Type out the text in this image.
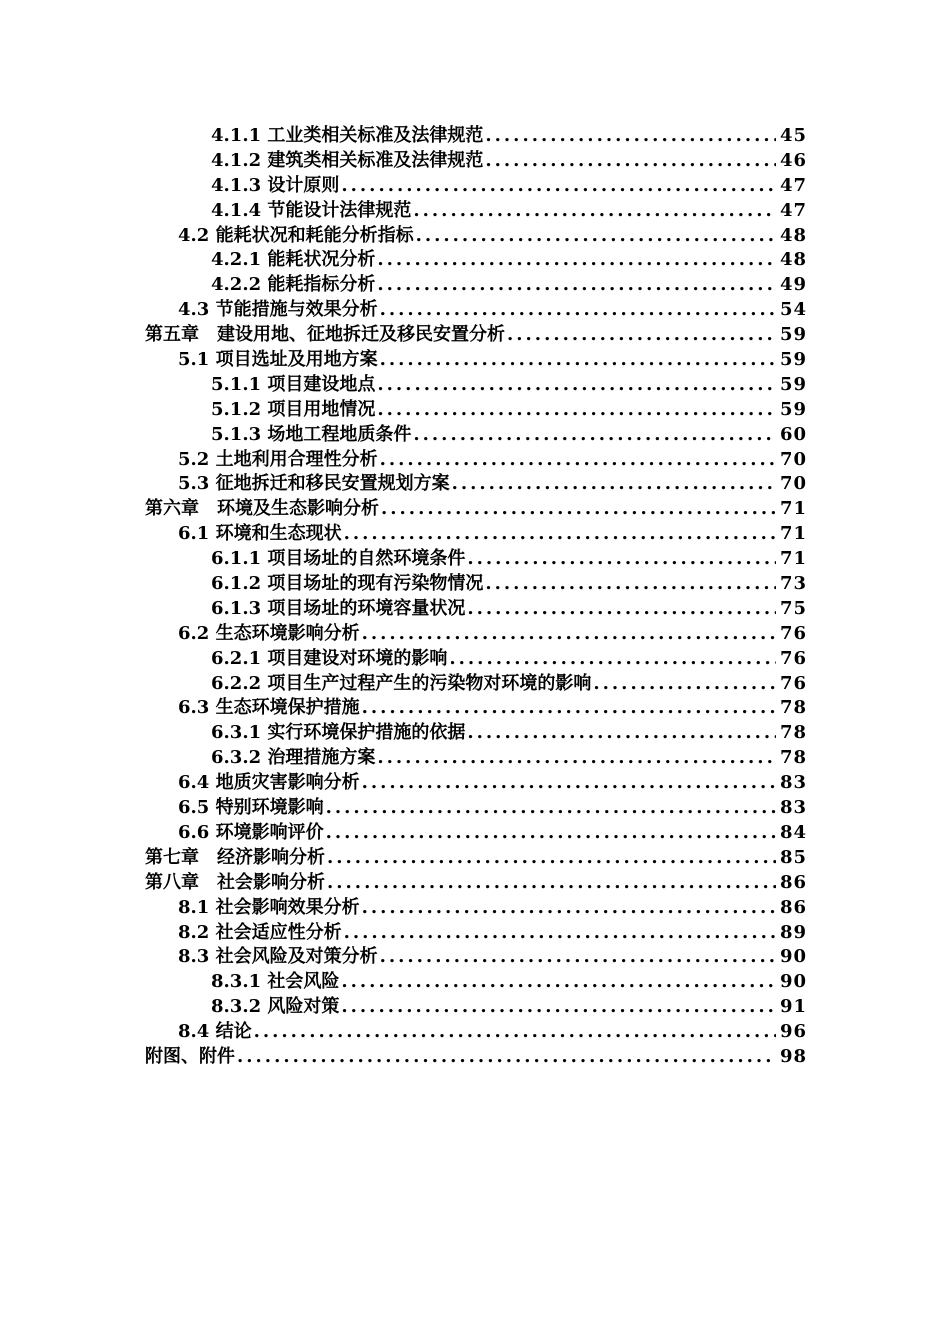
4.1.1 工业类相关标准及法律规范 .....	45
4.1.2 建筑类相关标准及法律规范 .....	46
4.1.3 设计原则 .....	47
4.1.4 节能设计法律规范 .....	47
4.2 能耗状况和耗能分析指标 .....	48
4.2.1 能耗状况分析 .....	48
4.2.2 能耗指标分析 .....	49
4.3 节能措施与效果分析 .....	54
第五章　建设用地、征地拆迁及移民安置分析 .....	59
5.1 项目选址及用地方案 .....	59
5.1.1 项目建设地点 .....	59
5.1.2 项目用地情况 .....	59
5.1.3 场地工程地质条件 .....	60
5.2 土地利用合理性分析 .....	70
5.3 征地拆迁和移民安置规划方案 .....	70
第六章　环境及生态影响分析 .....	71
6.1 环境和生态现状 .....	71
6.1.1 项目场址的自然环境条件 .....	71
6.1.2 项目场址的现有污染物情况 .....	73
6.1.3 项目场址的环境容量状况 .....	75
6.2 生态环境影响分析 .....	76
6.2.1 项目建设对环境的影响 .....	76
6.2.2 项目生产过程产生的污染物对环境的影响 .....	76
6.3 生态环境保护措施 .....	78
6.3.1 实行环境保护措施的依据 .....	78
6.3.2 治理措施方案 .....	78
6.4 地质灾害影响分析 .....	83
6.5 特别环境影响 .....	83
6.6 环境影响评价 .....	84
第七章　经济影响分析 .....	85
第八章　社会影响分析 .....	86
8.1 社会影响效果分析 .....	86
8.2 社会适应性分析 .....	89
8.3 社会风险及对策分析 .....	90
8.3.1 社会风险 .....	90
8.3.2 风险对策 .....	91
8.4 结论 .....	96
附图、附件 .....	98
